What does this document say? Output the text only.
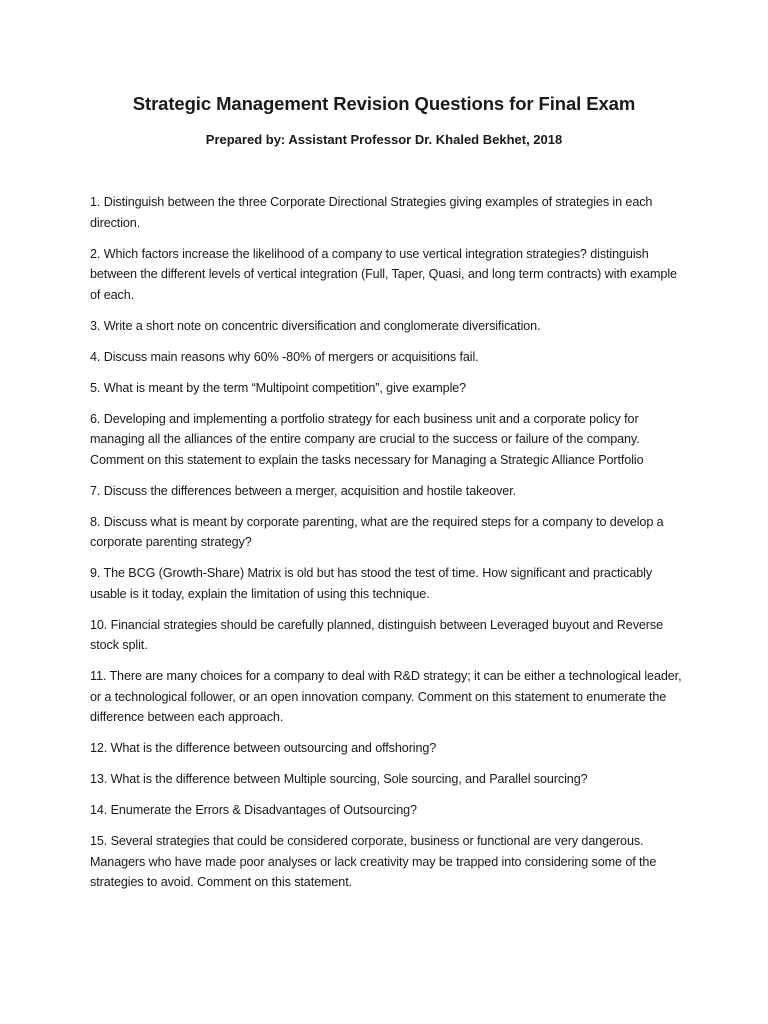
Strategic Management Revision Questions for Final Exam
Prepared by: Assistant Professor Dr. Khaled Bekhet, 2018

1. Distinguish between the three Corporate Directional Strategies giving examples of strategies in each direction.

2. Which factors increase the likelihood of a company to use vertical integration strategies? distinguish between the different levels of vertical integration (Full, Taper, Quasi, and long term contracts) with example of each.

3. Write a short note on concentric diversification and conglomerate diversification.

4. Discuss main reasons why 60% -80% of mergers or acquisitions fail.

5. What is meant by the term “Multipoint competition”, give example?

6. Developing and implementing a portfolio strategy for each business unit and a corporate policy for managing all the alliances of the entire company are crucial to the success or failure of the company. Comment on this statement to explain the tasks necessary for Managing a Strategic Alliance Portfolio

7. Discuss the differences between a merger, acquisition and hostile takeover.

8. Discuss what is meant by corporate parenting, what are the required steps for a company to develop a corporate parenting strategy?

9. The BCG (Growth-Share) Matrix is old but has stood the test of time. How significant and practicably usable is it today, explain the limitation of using this technique.

10. Financial strategies should be carefully planned, distinguish between Leveraged buyout and Reverse stock split.

11. There are many choices for a company to deal with R&D strategy; it can be either a technological leader, or a technological follower, or an open innovation company. Comment on this statement to enumerate the difference between each approach.

12. What is the difference between outsourcing and offshoring?

13. What is the difference between Multiple sourcing, Sole sourcing, and Parallel sourcing?

14. Enumerate the Errors & Disadvantages of Outsourcing?

15. Several strategies that could be considered corporate, business or functional are very dangerous. Managers who have made poor analyses or lack creativity may be trapped into considering some of the strategies to avoid. Comment on this statement.
